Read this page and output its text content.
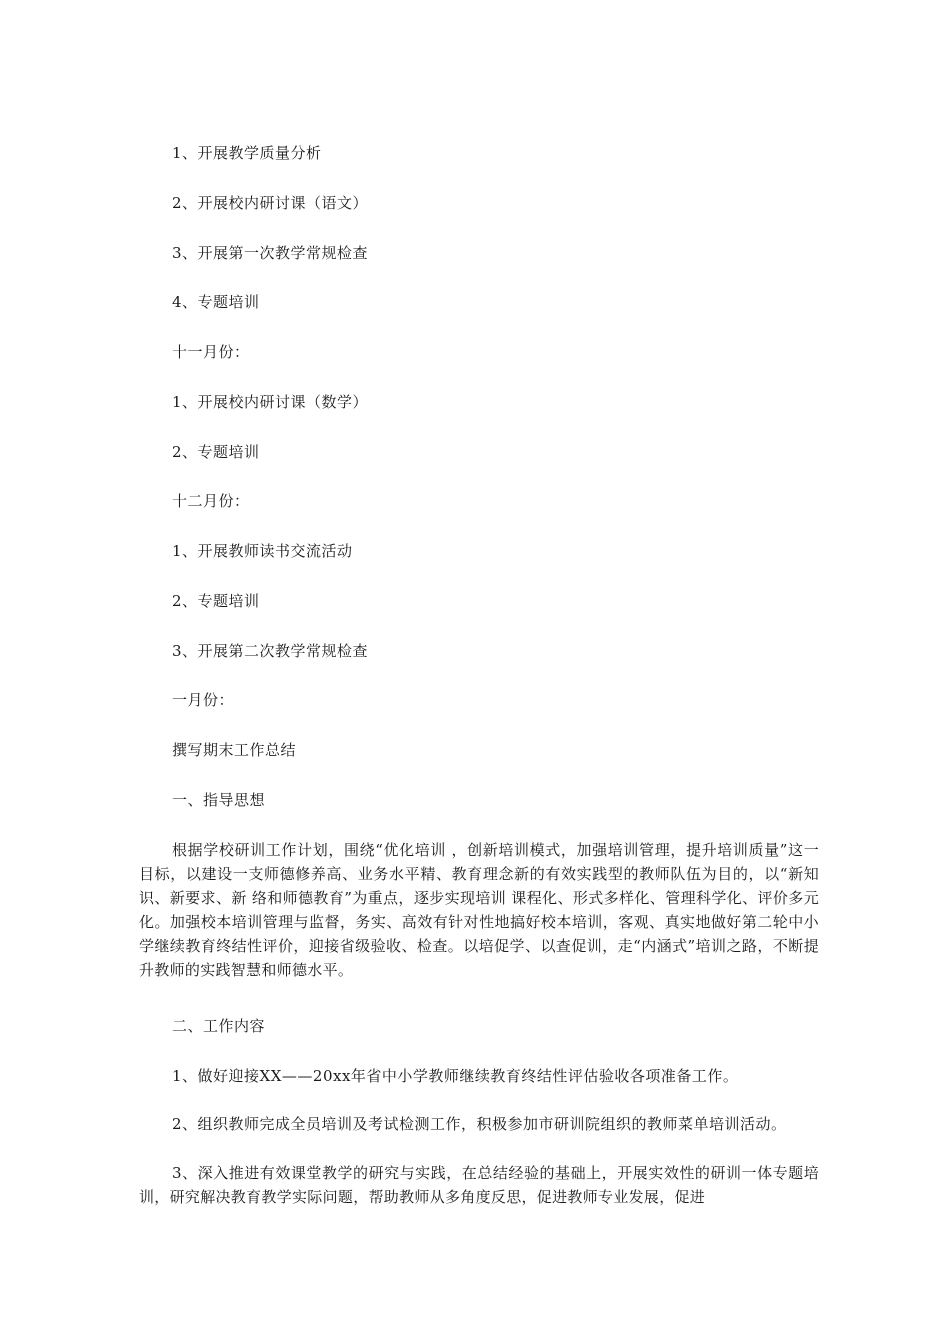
1、开展教学质量分析
2、开展校内研讨课（语文）
3、开展第一次教学常规检查
4、专题培训
十一月份：
1、开展校内研讨课（数学）
2、专题培训
十二月份：
1、开展教师读书交流活动
2、专题培训
3、开展第二次教学常规检查
一月份：
撰写期末工作总结
一、指导思想
根据学校研训工作计划，围绕“优化培训 ，创新培训模式，加强培训管理，提升培训质量”这一目标，以建设一支师德修养高、业务水平精、教育理念新的有效实践型的教师队伍为目的，以“新知识、新要求、新 络和师德教育”为重点，逐步实现培训 课程化、形式多样化、管理科学化、评价多元化。加强校本培训管理与监督，务实、高效有针对性地搞好校本培训，客观、真实地做好第二轮中小学继续教育终结性评价，迎接省级验收、检查。以培促学、以查促训，走“内涵式”培训之路，不断提升教师的实践智慧和师德水平。
二、工作内容
1、做好迎接XX——20xx年省中小学教师继续教育终结性评估验收各项准备工作。
2、组织教师完成全员培训及考试检测工作，积极参加市研训院组织的教师菜单培训活动。
3、深入推进有效课堂教学的研究与实践，在总结经验的基础上，开展实效性的研训一体专题培训，研究解决教育教学实际问题，帮助教师从多角度反思，促进教师专业发展，促进
